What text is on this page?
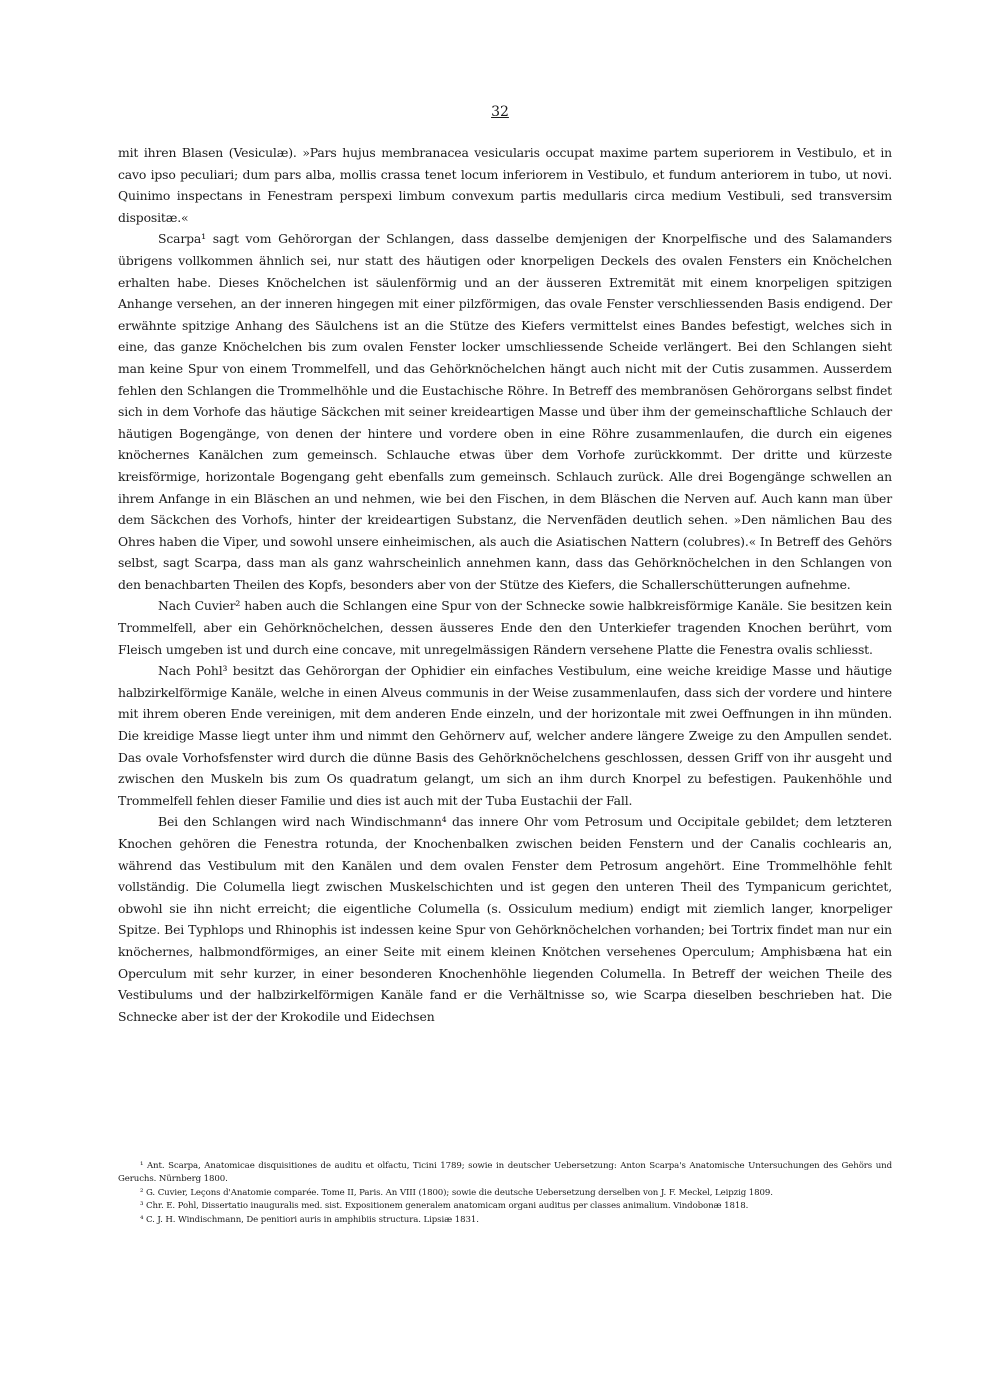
32

mit ihren Blasen (Vesiculæ). »Pars hujus membranacea vesicularis occupat maxime partem superiorem in Vestibulo, et in cavo ipso peculiari; dum pars alba, mollis crassa tenet locum inferiorem in Vestibulo, et fundum anteriorem in tubo, ut novi. Quinimo inspectans in Fenestram perspexi limbum convexum partis medullaris circa medium Vestibuli, sed transversim dispositæ.«

Scarpa¹ sagt vom Gehörorgan der Schlangen, dass dasselbe demjenigen der Knorpelfische und des Salamanders übrigens vollkommen ähnlich sei, nur statt des häutigen oder knorpeligen Deckels des ovalen Fensters ein Knöchelchen erhalten habe. Dieses Knöchelchen ist säulenförmig und an der äusseren Extremität mit einem knorpeligen spitzigen Anhange versehen, an der inneren hingegen mit einer pilzförmigen, das ovale Fenster verschliessenden Basis endigend. Der erwähnte spitzige Anhang des Säulchens ist an die Stütze des Kiefers vermittelst eines Bandes befestigt, welches sich in eine, das ganze Knöchelchen bis zum ovalen Fenster locker umschliessende Scheide verlängert. Bei den Schlangen sieht man keine Spur von einem Trommelfell, und das Gehörknöchelchen hängt auch nicht mit der Cutis zusammen. Ausserdem fehlen den Schlangen die Trommelhöhle und die Eustachische Röhre. In Betreff des membranösen Gehörorgans selbst findet sich in dem Vorhofe das häutige Säckchen mit seiner kreideartigen Masse und über ihm der gemeinschaftliche Schlauch der häutigen Bogengänge, von denen der hintere und vordere oben in eine Röhre zusammenlaufen, die durch ein eigenes knöchernes Kanälchen zum gemeinsch. Schlauche etwas über dem Vorhofe zurückkommt. Der dritte und kürzeste kreisförmige, horizontale Bogengang geht ebenfalls zum gemeinsch. Schlauch zurück. Alle drei Bogengänge schwellen an ihrem Anfange in ein Bläschen an und nehmen, wie bei den Fischen, in dem Bläschen die Nerven auf. Auch kann man über dem Säckchen des Vorhofs, hinter der kreideartigen Substanz, die Nervenfäden deutlich sehen. »Den nämlichen Bau des Ohres haben die Viper, und sowohl unsere einheimischen, als auch die Asiatischen Nattern (colubres).« In Betreff des Gehörs selbst, sagt Scarpa, dass man als ganz wahrscheinlich annehmen kann, dass das Gehörknöchelchen in den Schlangen von den benachbarten Theilen des Kopfs, besonders aber von der Stütze des Kiefers, die Schallerschütterungen aufnehme.

Nach Cuvier² haben auch die Schlangen eine Spur von der Schnecke sowie halbkreisförmige Kanäle. Sie besitzen kein Trommelfell, aber ein Gehörknöchelchen, dessen äusseres Ende den den Unterkiefer tragenden Knochen berührt, vom Fleisch umgeben ist und durch eine concave, mit unregelmässigen Rändern versehene Platte die Fenestra ovalis schliesst.

Nach Pohl³ besitzt das Gehörorgan der Ophidier ein einfaches Vestibulum, eine weiche kreidige Masse und häutige halbzirkelförmige Kanäle, welche in einen Alveus communis in der Weise zusammenlaufen, dass sich der vordere und hintere mit ihrem oberen Ende vereinigen, mit dem anderen Ende einzeln, und der horizontale mit zwei Oeffnungen in ihn münden. Die kreidige Masse liegt unter ihm und nimmt den Gehörnerv auf, welcher andere längere Zweige zu den Ampullen sendet. Das ovale Vorhofsfenster wird durch die dünne Basis des Gehörknöchelchens geschlossen, dessen Griff von ihr ausgeht und zwischen den Muskeln bis zum Os quadratum gelangt, um sich an ihm durch Knorpel zu befestigen. Paukenhöhle und Trommelfell fehlen dieser Familie und dies ist auch mit der Tuba Eustachii der Fall.

Bei den Schlangen wird nach Windischmann⁴ das innere Ohr vom Petrosum und Occipitale gebildet; dem letzteren Knochen gehören die Fenestra rotunda, der Knochenbalken zwischen beiden Fenstern und der Canalis cochlearis an, während das Vestibulum mit den Kanälen und dem ovalen Fenster dem Petrosum angehört. Eine Trommelhöhle fehlt vollständig. Die Columella liegt zwischen Muskelschichten und ist gegen den unteren Theil des Tympanicum gerichtet, obwohl sie ihn nicht erreicht; die eigentliche Columella (s. Ossiculum medium) endigt mit ziemlich langer, knorpeliger Spitze. Bei Typhlops und Rhinophis ist indessen keine Spur von Gehörknöchelchen vorhanden; bei Tortrix findet man nur ein knöchernes, halbmondförmiges, an einer Seite mit einem kleinen Knötchen versehenes Operculum; Amphisbæna hat ein Operculum mit sehr kurzer, in einer besonderen Knochenhöhle liegenden Columella. In Betreff der weichen Theile des Vestibulums und der halbzirkelförmigen Kanäle fand er die Verhältnisse so, wie Scarpa dieselben beschrieben hat. Die Schnecke aber ist der der Krokodile und Eidechsen

¹ Ant. Scarpa, Anatomicae disquisitiones de auditu et olfactu, Ticini 1789; sowie in deutscher Uebersetzung: Anton Scarpa's Anatomische Untersuchungen des Gehörs und Geruchs. Nürnberg 1800.

² G. Cuvier, Leçons d'Anatomie comparée. Tome II, Paris. An VIII (1800); sowie die deutsche Uebersetzung derselben von J. F. Meckel, Leipzig 1809.

³ Chr. E. Pohl, Dissertatio inauguralis med. sist. Expositionem generalem anatomicam organi auditus per classes animalium. Vindobonæ 1818.

⁴ C. J. H. Windischmann, De penitiori auris in amphibiis structura. Lipsiæ 1831.
